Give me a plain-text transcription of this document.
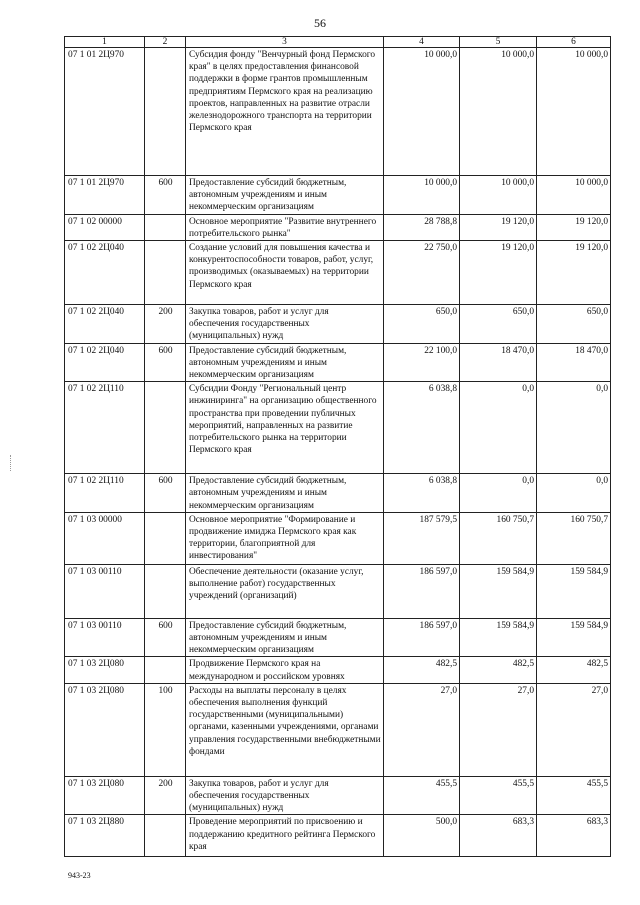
56
1	2	3	4	5	6
07 1 01 2Ц970		Субсидия фонду "Венчурный фонд Пермского края" в целях предоставления финансовой поддержки в форме грантов промышленным предприятиям Пермского края на реализацию проектов, направленных на развитие отрасли железнодорожного транспорта на территории Пермского края	10 000,0	10 000,0	10 000,0
07 1 01 2Ц970	600	Предоставление субсидий бюджетным, автономным учреждениям и иным некоммерческим организациям	10 000,0	10 000,0	10 000,0
07 1 02 00000		Основное мероприятие "Развитие внутреннего потребительского рынка"	28 788,8	19 120,0	19 120,0
07 1 02 2Ц040		Создание условий для повышения качества и конкурентоспособности товаров, работ, услуг, производимых (оказываемых) на территории Пермского края	22 750,0	19 120,0	19 120,0
07 1 02 2Ц040	200	Закупка товаров, работ и услуг для обеспечения государственных (муниципальных) нужд	650,0	650,0	650,0
07 1 02 2Ц040	600	Предоставление субсидий бюджетным, автономным учреждениям и иным некоммерческим организациям	22 100,0	18 470,0	18 470,0
07 1 02 2Ц110		Субсидии Фонду "Региональный центр инжиниринга" на организацию общественного пространства при проведении публичных мероприятий, направленных на развитие потребительского рынка на территории Пермского края	6 038,8	0,0	0,0
07 1 02 2Ц110	600	Предоставление субсидий бюджетным, автономным учреждениям и иным некоммерческим организациям	6 038,8	0,0	0,0
07 1 03 00000		Основное мероприятие "Формирование и продвижение имиджа Пермского края как территории, благоприятной для инвестирования"	187 579,5	160 750,7	160 750,7
07 1 03 00110		Обеспечение деятельности (оказание услуг, выполнение работ) государственных учреждений (организаций)	186 597,0	159 584,9	159 584,9
07 1 03 00110	600	Предоставление субсидий бюджетным, автономным учреждениям и иным некоммерческим организациям	186 597,0	159 584,9	159 584,9
07 1 03 2Ц080		Продвижение Пермского края на международном и российском уровнях	482,5	482,5	482,5
07 1 03 2Ц080	100	Расходы на выплаты персоналу в целях обеспечения выполнения функций государственными (муниципальными) органами, казенными учреждениями, органами управления государственными внебюджетными фондами	27,0	27,0	27,0
07 1 03 2Ц080	200	Закупка товаров, работ и услуг для обеспечения государственных (муниципальных) нужд	455,5	455,5	455,5
07 1 03 2Ц880		Проведение мероприятий по присвоению и поддержанию кредитного рейтинга Пермского края	500,0	683,3	683,3
943-23
